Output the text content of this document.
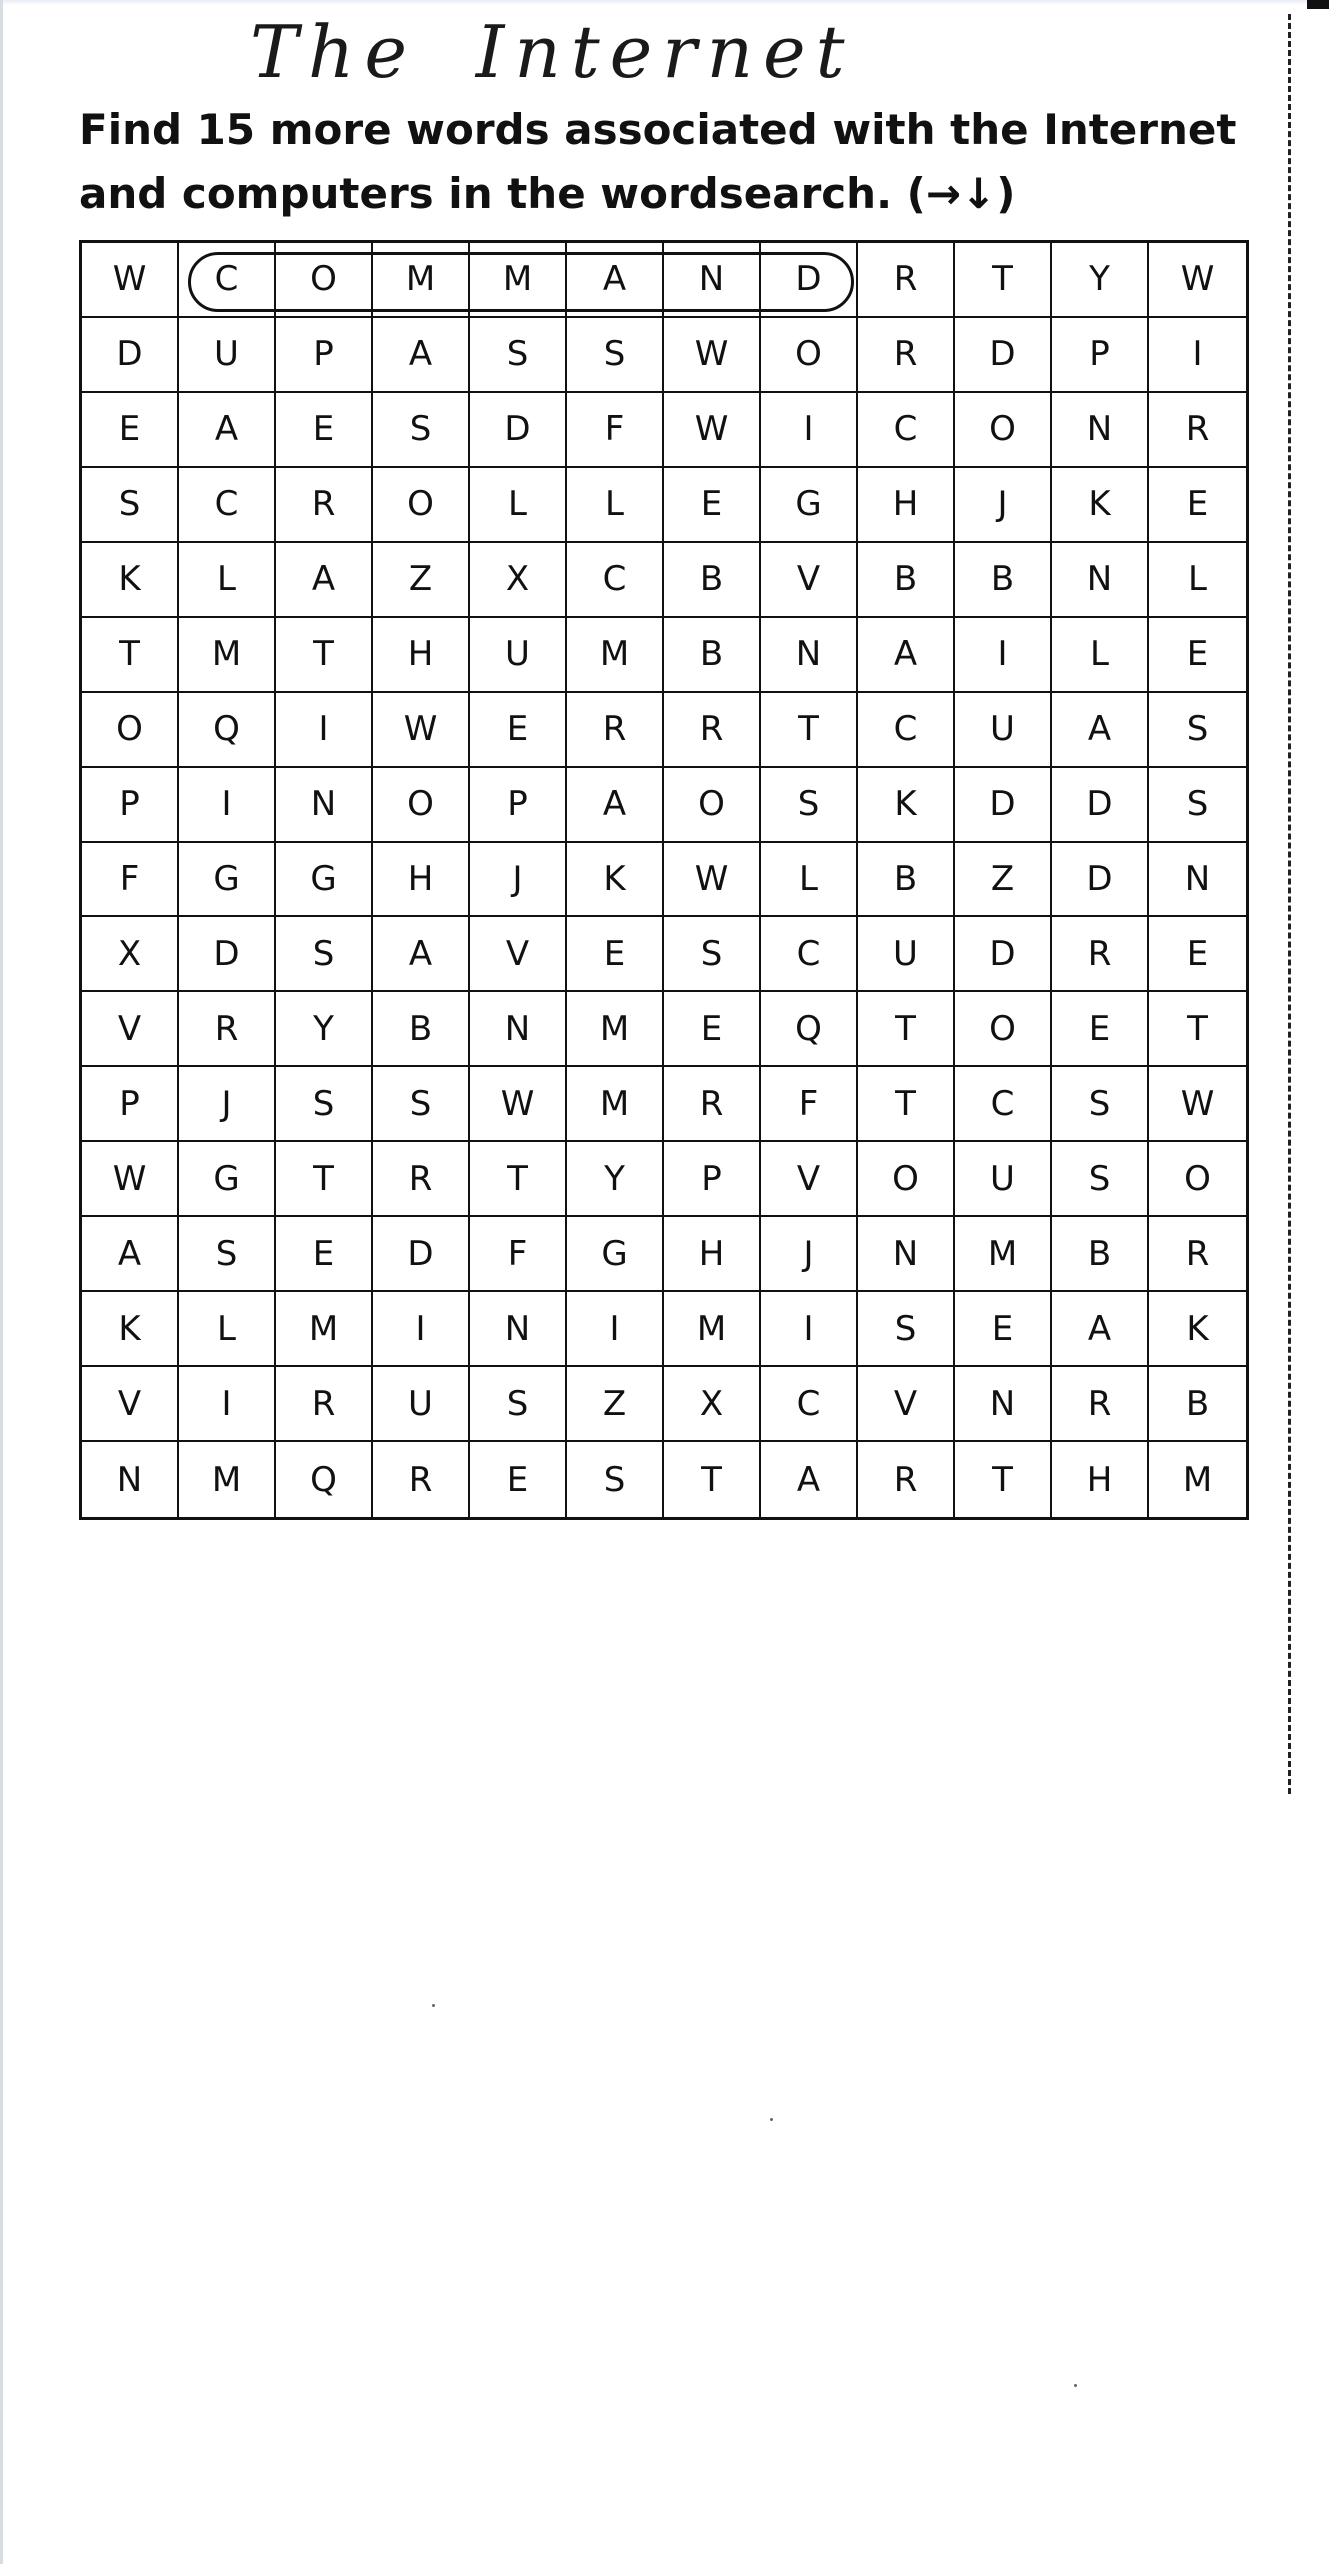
The Internet
Find 15 more words associated with the Internet and computers in the wordsearch. (→↓)
W	C	O	M	M	A	N	D	R	T	Y	W
D	U	P	A	S	S	W	O	R	D	P	I
E	A	E	S	D	F	W	I	C	O	N	R
S	C	R	O	L	L	E	G	H	J	K	E
K	L	A	Z	X	C	B	V	B	B	N	L
T	M	T	H	U	M	B	N	A	I	L	E
O	Q	I	W	E	R	R	T	C	U	A	S
P	I	N	O	P	A	O	S	K	D	D	S
F	G	G	H	J	K	W	L	B	Z	D	N
X	D	S	A	V	E	S	C	U	D	R	E
V	R	Y	B	N	M	E	Q	T	O	E	T
P	J	S	S	W	M	R	F	T	C	S	W
W	G	T	R	T	Y	P	V	O	U	S	O
A	S	E	D	F	G	H	J	N	M	B	R
K	L	M	I	N	I	M	I	S	E	A	K
V	I	R	U	S	Z	X	C	V	N	R	B
N	M	Q	R	E	S	T	A	R	T	H	M
